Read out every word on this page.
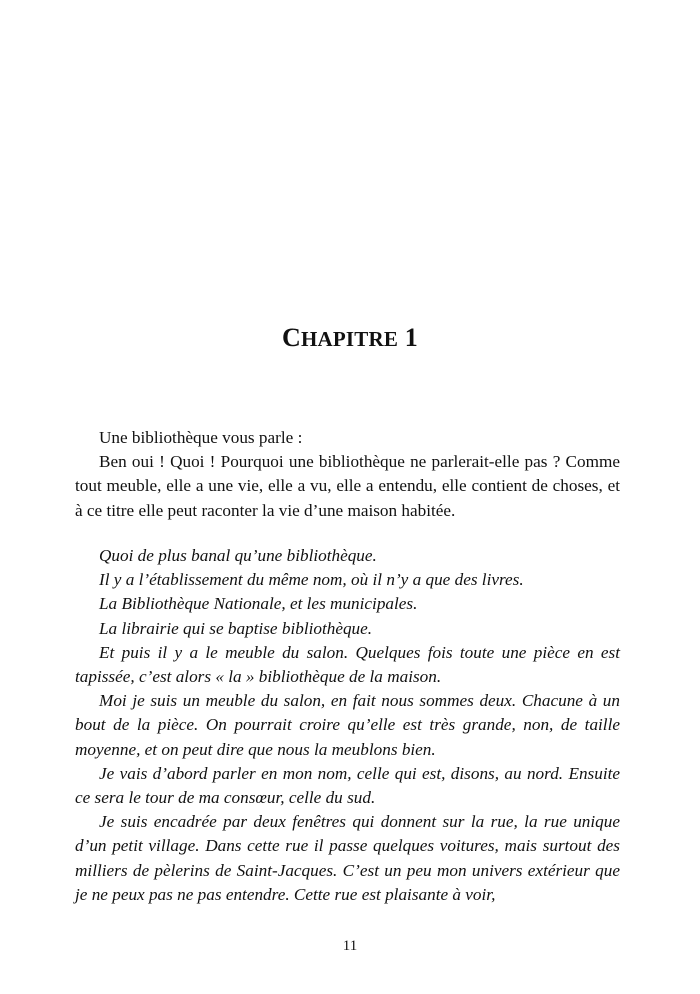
CHAPITRE 1

Une bibliothèque vous parle :

Ben oui ! Quoi ! Pourquoi une bibliothèque ne parlerait-elle pas ? Comme tout meuble, elle a une vie, elle a vu, elle a entendu, elle contient de choses, et à ce titre elle peut raconter la vie d’une maison habitée.

Quoi de plus banal qu’une bibliothèque.

Il y a l’établissement du même nom, où il n’y a que des livres.

La Bibliothèque Nationale, et les municipales.

La librairie qui se baptise bibliothèque.

Et puis il y a le meuble du salon. Quelques fois toute une pièce en est tapissée, c’est alors « la » bibliothèque de la maison.

Moi je suis un meuble du salon, en fait nous sommes deux. Chacune à un bout de la pièce. On pourrait croire qu’elle est très grande, non, de taille moyenne, et on peut dire que nous la meublons bien.

Je vais d’abord parler en mon nom, celle qui est, disons, au nord. Ensuite ce sera le tour de ma consœur, celle du sud.

Je suis encadrée par deux fenêtres qui donnent sur la rue, la rue unique d’un petit village. Dans cette rue il passe quelques voitures, mais surtout des milliers de pèlerins de Saint-Jacques. C’est un peu mon univers extérieur que je ne peux pas ne pas entendre. Cette rue est plaisante à voir,

11
